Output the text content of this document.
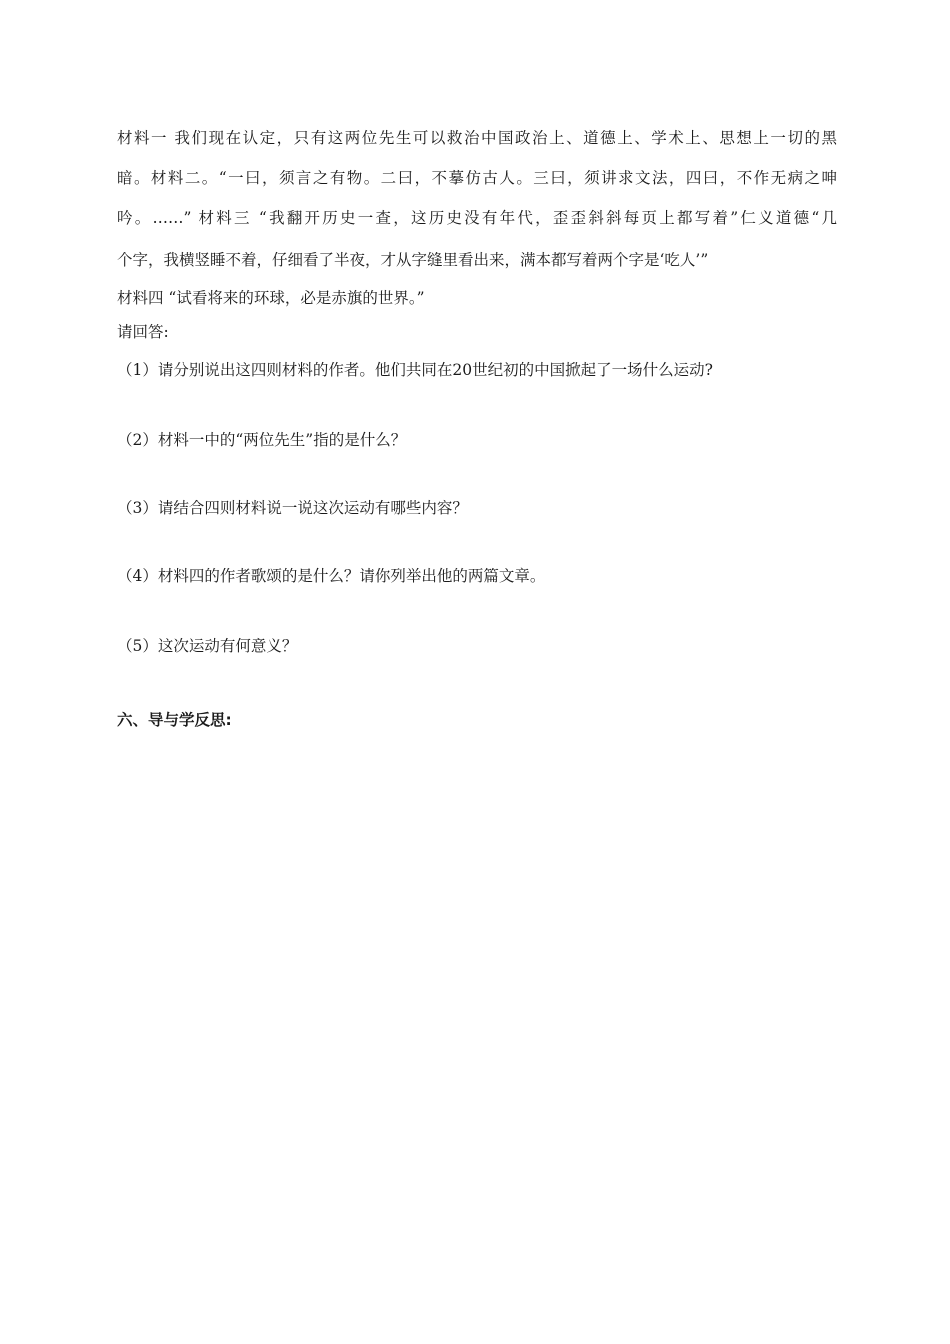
材料一 我们现在认定，只有这两位先生可以救治中国政治上、道德上、学术上、思想上一切的黑
暗。材料二。“一曰，须言之有物。二曰，不摹仿古人。三曰，须讲求文法，四曰，不作无病之呻
吟。……” 材料三 “我翻开历史一查，这历史没有年代，歪歪斜斜每页上都写着”仁义道德“几
个字，我横竖睡不着，仔细看了半夜，才从字缝里看出来，满本都写着两个字是‘吃人’”
材料四 “试看将来的环球，必是赤旗的世界。”
请回答:
（1）请分别说出这四则材料的作者。他们共同在20世纪初的中国掀起了一场什么运动?
（2）材料一中的“两位先生”指的是什么？
（3）请结合四则材料说一说这次运动有哪些内容？
（4）材料四的作者歌颂的是什么？请你列举出他的两篇文章。
（5）这次运动有何意义？
六、导与学反思:
